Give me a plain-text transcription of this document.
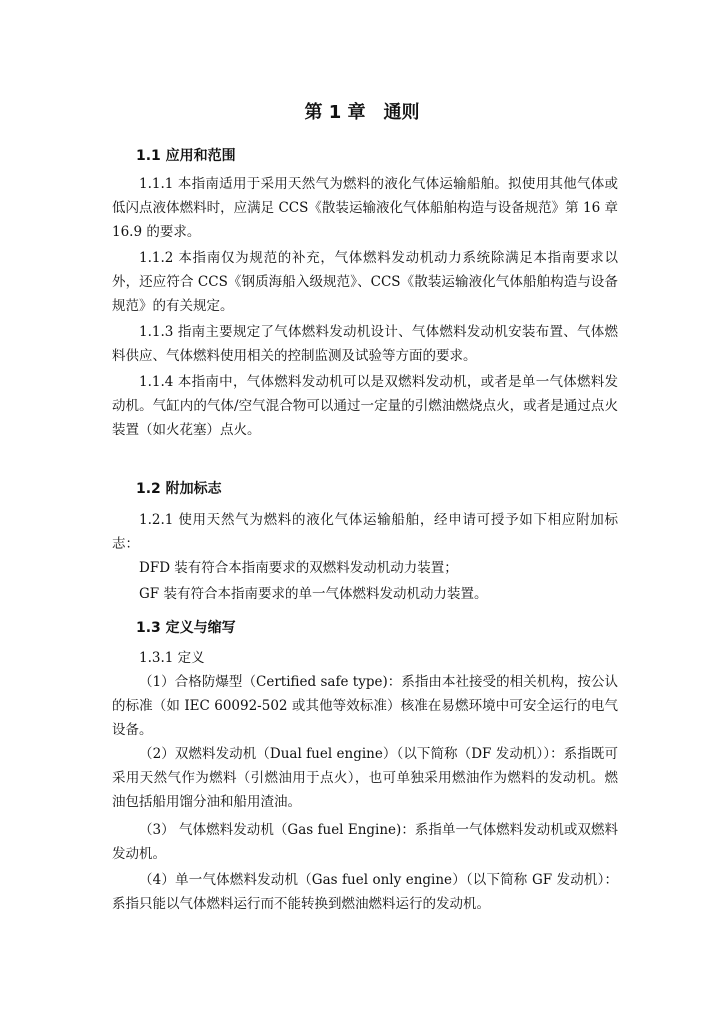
第 1 章　通则
1.1 应用和范围

1.1.1 本指南适用于采用天然气为燃料的液化气体运输船舶。拟使用其他气体或低闪点液体燃料时，应满足 CCS《散装运输液化气体船舶构造与设备规范》第 16 章 16.9 的要求。

1.1.2 本指南仅为规范的补充，气体燃料发动机动力系统除满足本指南要求以外，还应符合 CCS《钢质海船入级规范》、CCS《散装运输液化气体船舶构造与设备规范》的有关规定。

1.1.3 指南主要规定了气体燃料发动机设计、气体燃料发动机安装布置、气体燃料供应、气体燃料使用相关的控制监测及试验等方面的要求。

1.1.4 本指南中，气体燃料发动机可以是双燃料发动机，或者是单一气体燃料发动机。气缸内的气体/空气混合物可以通过一定量的引燃油燃烧点火，或者是通过点火装置（如火花塞）点火。

1.2 附加标志

1.2.1 使用天然气为燃料的液化气体运输船舶，经申请可授予如下相应附加标志：

DFD 装有符合本指南要求的双燃料发动机动力装置；
GF 装有符合本指南要求的单一气体燃料发动机动力装置。
1.3 定义与缩写
1.3.1 定义

（1）合格防爆型（Certified safe type)：系指由本社接受的相关机构，按公认的标准（如 IEC 60092-502 或其他等效标准）核准在易燃环境中可安全运行的电气设备。

（2）双燃料发动机（Dual fuel engine）（以下简称（DF 发动机））：系指既可采用天然气作为燃料（引燃油用于点火），也可单独采用燃油作为燃料的发动机。燃油包括船用馏分油和船用渣油。

（3） 气体燃料发动机（Gas fuel Engine)：系指单一气体燃料发动机或双燃料发动机。

（4）单一气体燃料发动机（Gas fuel only engine）（以下简称 GF 发动机）：系指只能以气体燃料运行而不能转换到燃油燃料运行的发动机。
